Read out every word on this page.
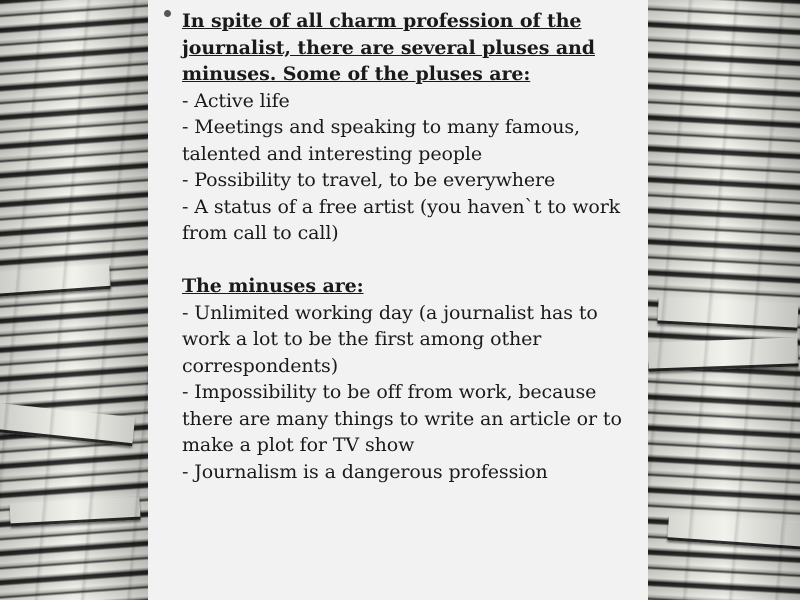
In spite of all charm profession of the journalist, there are several pluses and minuses. Some of the pluses are:
- Active life
- Meetings and speaking to many famous, talented and interesting people
- Possibility to travel, to be everywhere
- A status of a free artist (you haven`t to work from call to call)
The minuses are:
- Unlimited working day (a journalist has to work a lot to be the first among other correspondents)
- Impossibility to be off from work, because there are many things to write an article or to make a plot for TV show
- Journalism is a dangerous profession
